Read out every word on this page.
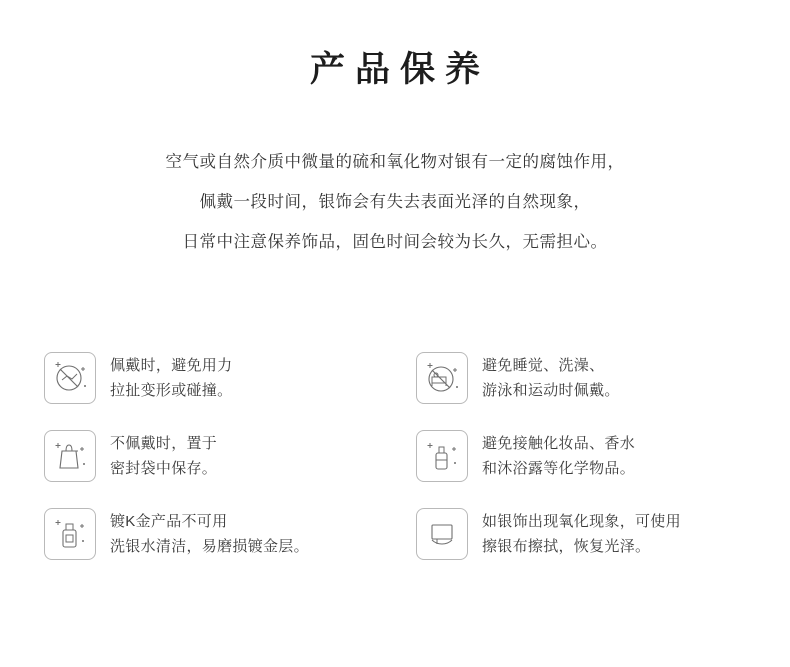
产品保养
空气或自然介质中微量的硫和氧化物对银有一定的腐蚀作用，
佩戴一段时间，银饰会有失去表面光泽的自然现象，
日常中注意保养饰品，固色时间会较为长久，无需担心。
佩戴时，避免用力
拉扯变形或碰撞。
避免睡觉、洗澡、
游泳和运动时佩戴。
不佩戴时，置于
密封袋中保存。
避免接触化妆品、香水
和沐浴露等化学物品。
镀K金产品不可用
洗银水清洁，易磨损镀金层。
如银饰出现氧化现象，可使用
擦银布擦拭，恢复光泽。
